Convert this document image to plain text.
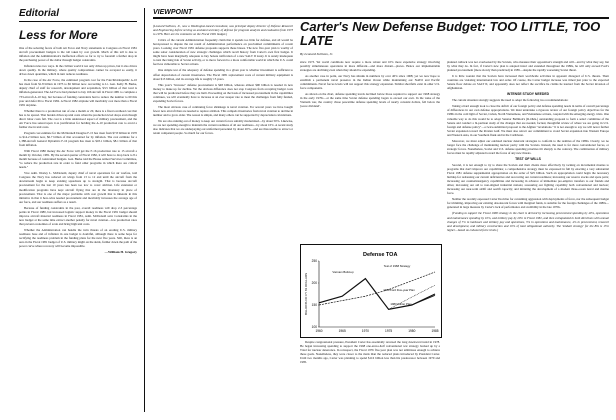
Editorial

Less for More

One of the sobering facets of both Air Force and Navy statements to Congress on Fiscal 1981 aircraft procurement budgets is the toll taken by cost growth. Much of this toll is due to inflation and the Administration's ineffectual efforts so far to try to forestall a further drop in the purchasing power of the dollar through budget constraints.

Inflation rules two ways. In the civilian world it not only drives up prices, but it also drives down quality. In the military, where quality compromises cannot be accepted so easily, it drives down quantities, which in turn reduces readiness.

In the case of the Air Force, the estimated program cost for the Fairchild-Republic A-10 has risen from $1.8 billion in 1973 to $6 billion now. According to Lt. Gen. Kelly H. Burke, deputy chief of staff for research, development and acquisition, $3.5 billion of that total is inflation-generated. The Air Force had planned to buy 166 aircraft in Fiscal 1981 to complete a 733-aircraft A-10 buy, but because of funding constraints had to reduce the number to 60 this year and defer 66 to Fiscal 1982. A Fiscal 1982 airplane will inevitably cost more than a Fiscal 1981 airplane.

Whether there is a production run of one a month or 20, there is a fixed overhead cost that has to be spread. That burden drives up unit costs when the production level drops even though direct labor costs fall. The cost is a little understood aspect of military procurement, and the Air Force has seized upon it as justification for holding the A-10 production rate to avoid a further rise in unit costs.

Program cost estimate for the McDonnell Douglas F-15 has risen from $7.8 billion in 1970 to $14.2 billion now, $6.7 billion of that accounted for by inflation. The cost estimate for a 1,388-aircraft General Dynamics F-16 program has risen to $18.1 billion, $8.1 billion of that from inflation.

With Fiscal 1980 money the Air Force will get the F-16 production rate to 15 aircraft a month by October, 1981. By the second quarter of Fiscal 1982, it will have to drop back to 8 a month because of constrained budgets. Gen. Burke told the House Armed Services Committee, "to reduce the production rate in order to fund other programs in which there are critical needs."

Vice Adm. Wesley L. McDonald, deputy chief of naval operations for air warfare, told Congress the Navy has reduced air wings from 13 to 12 and until the aircraft from the downstream begin to keep existing squadrons up to strength. That is because aircraft procurement for the last 10 years has been too low to cover attrition. Life extension or modification programs have kept aircraft flying that are in the inventory in place of procurement. That is one of the major problems with cost growth that is inherent in this initiative in that it how-wins needed procurement and inevitably increases the average age of our force, and our readiness suffers as a result.

Because of funding constraints in the past, overall readiness will drop 2-3 percentage points in Fiscal 1980, but increased logistic support money in the Fiscal 1981 budget should improve aircraft material readiness in Fiscal 1981, Adm. McDonald said. Constraints in the new budget at the same time extract another penalty for naval aviation—low production rates that prevent economies of scale and bring high unit costs.

Whether the Administration can handle the twin threats of an eroding U.S. military readiness base and of inflation in one budget is doubtful, although there is some hope for rectifying the readiness problem in the funding plans for the next five years. Still, there is an aura in the Fiscal 1981 budget of U.S. military might on the skids, further down the path of the power curve where recovery will become impossible.

—William H. Gregory
VIEWPOINT

(Leonard Sullivan, Jr., now a Washington-based consultant, was principal deputy director of Defense Research and Engineering before serving as assistant secretary of defense for program analysis and evaluation from 1973 to 1976. Here are his comments on the Fiscal 1981 budget.)

Critics of the current Administration frequently claim that it spends too little for defense, and all would be hard-pressed to dispute the net result of Administration performance on proclaimed commitments of recent years. Looking over Fiscal 1981 defense proposals supports these biases. The new five-year plan is worthy of some sober consideration of new strategic challenges which recall history from Carter's own first budget. It might have been marginally adequate to buy Senate ratification of a new SALT II treaty. It is surely inadequate to turn the rising tide of Soviet activity, or to move forward to a more comfortable world in which the U.S. could feel less vulnerable to Soviet actions.

One simple test of the adequacy of defense spending in a given year is whether investment is sufficient to offset depreciation of current inventories. The Fiscal 1981 replacement costs of current military equipment is about $13 billion, and its average life is roughly 15 years.

This year's "increase" defense procurement is $48 billion, whereas almost $90 billion is needed in new money to make up for decline. Yet the obvious difference does not stop Congress from accepting budget costs that will be predicated before they are built. Proceeding on the basis of increased procurement in the capabilities continues, we will eventually have to increase at an ever steeper rate to meet the challenges from fully funded, expanding Soviet forces.

The most obvious case of continuing force shrinkage is naval aviation. For several years we have bought fewer new aircraft than are needed to replace attrition. This compels inventories from naval aviation to decline in number and to grow older. The reason is simple, and many others can be supported by depreciation calculations.

We are also running out of money to keep our current forces suitably modernized—by about 50%. Likewise, we are not spending enough to maintain the current readiness of all our readiness—by about 10%. A recent study also indicates that we are underpaying our uniformed personnel by about 20%—and are thus unable to attract or retain competent people. So much for our forces.

Carter's New Defense Budget: TOO LITTLE, TOO LATE

By Leonard Sullivan, Jr.

since 1973. Yet world conditions now require a more robust and 10% more expensive strategy involving possibly simultaneous operations in more different—and more distant—places. Hence our implementable strategies are declining even when they should be expanding.

As another case in point, our Navy has shrunk in numbers by over 40% since 1968; yet we now hope to establish a permanent naval presence in the Indian Ocean while maintaining our NATO and Pacific commitments. Naval forces levels will not support this strategy expansion. Similar shortfalls exist in other U.S. force components.

As shown on the chart, defense spending levels declined below those required to support our 1968 strategy in the early 1970s—at the same time Soviet defense spending began to exceed our own. In the wake of the Vietnam war, the country chose peacetime defense spending levels of nearly constant dollars, fell below the 'peace dividend'.

planned cutback was not overlooked by the Soviets, who measure their opposition's strength and will—and by what they say, but by what they do. In fact, if Carter's new plan is adopted intact and extended throughout the 1980s, he will only exceed Ford's planned procurement (more slowly than predicted) in 1985—despite the rapidly worsening Soviet threat.

It is little wonder that the Soviets have increased their worldwide activities in apparent disregard of U.S. threats. Their countries are violating international law and order. Of course, the Carter budget increase was timed just prior to the expected Senate floor debate on SALT II, and apparently does not reflect the sacrifice he claims he learned from the Soviet invasion of Afghanistan.

INTENSE STUDY NEEDED

The current situation strongly suggests the need to adopt the following two recommendations:

Taking a hard enough look to close the deficit of our foreign policy and defense spending needs in terms of overall percentage of differences in our own defense appropriations. We must undertake a rigorous review of our foreign policy objectives for the 1980s in the cold light of Soviet, Cuban, North Vietnamese, and Vietnamese actions, coupled with the emerging energy crisis. One valuable way to do this would be to adopt Senator Bellmon's (R-Okla.) outstanding proposal to form a select committee of the Senate and conduct a bi-partisan study of the changes that are needed, factual, thoughtful review of where we are going in U.S. foreign and defense policy"—a twice-submitted proposal to the Afghan "revelations." It is not enough to say we will never further Soviet expansion toward the Persian Gulf. We must also retract our commitment to avoid Soviet expansion into Western Europe and Western Asia, in our Southern flank and in the Caribbean.

Moreover, we must adjust our outdated nuclear deterrent strategies to conform to the realities of the 1980s. Clearly, we no longer face the challenge of maintaining nuclear parity with the Soviets. Instead, the need is for more conventional forces, or strategic forces. Nonetheless, Soviet and U.S. defense spending priorities tilt sharply to the contrary. The combination of military forces must be rapidly adjusted toward the focus of any new threats.

TEST OF WILLS

Second, it is not enough to try to share the Soviets and their clients more effectively by tacking on incremental monies to programs that don't improve our capabilities; a comprehensive strategy must be expressed in full by enacting a very substantial Fiscal 1981 defense supplemental appropriation on the order of $25 billion. Such an appropriation could begin the necessary buildup for redressing our current deficiencies and recovering our current readiness; increasing our reserve stocks and spare parts; increasing our counterinsurgency capabilities and increasing in advance of immediate pre-emptive transfers to our friends and allies; increasing our aid to non-aligned industrial nations; reassuring our fighting capability both conventional and nuclear; increasing our near-term airlift and sealift capacity; and initiating the development of a modern three-ocean naval and marine force.

Neither the recently espoused Carter Doctrine for containing aggression with deployments of force, nor the subsequent budget for trimming, improving our existing obsolescent forces with marginal funds, is suitable for the foreign challenges of the 1980s—generated in large measure by Carter's lack of performance and credibility in the late 1970s.

(Funding to support the Fiscal 1968 strategy in the chart is derived by increasing procurement spending by 40%, operations and maintenance spending by 10%, and military pay by 20% in Fiscal 1981, and then extrapolated in both directions with annual changes of 7% in hardware and military pay and operations, 3% in operations and maintenance, 4% in procurement, research and development, and military construction and 10% of total obligational authority. The 'midsail strategy' for the 80s is 15% higher—based on enhanced force levels.)

Defense TOA
BILLIONS OF FY 81 DOLLARS
1960	1965	1970	1975	1980	1985
100
150
200
250
Vietnam Build-up
Test of 1968 Strategy
1976 Ford Five-year Plan
1980 Carter Plan

Despite congressional pressure, President Carter has essentially reversed the long downward trend in 1978. He began increasing spending to support the 1968 one-and-a-half conventional war strategy backed up by a Triad for nuclear deterrence. In retrospect, the Fiscal 1976 five-year plan was not ambitious enough to achieve these goals. Nonetheless, they were closer to the mark than the reduced plans introduced by President Carter. Until two months ago, Carter was planning to spend $116 billion less than his predecessor between 1979 and 1985.
